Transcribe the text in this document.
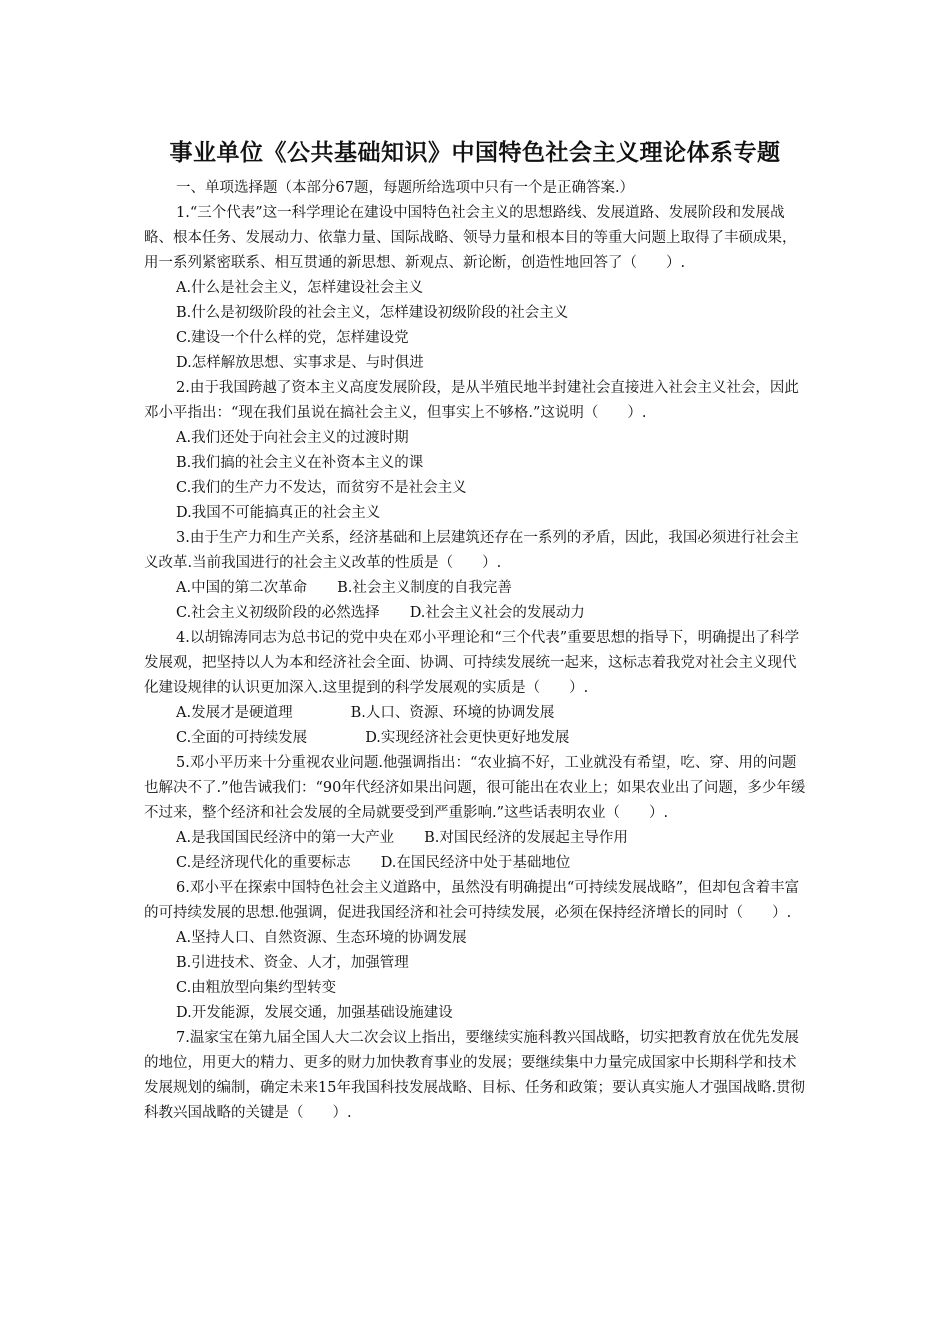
事业单位《公共基础知识》中国特色社会主义理论体系专题

一、单项选择题（本部分67题，每题所给选项中只有一个是正确答案.）

1.“三个代表”这一科学理论在建设中国特色社会主义的思想路线、发展道路、发展阶段和发展战略、根本任务、发展动力、依靠力量、国际战略、领导力量和根本目的等重大问题上取得了丰硕成果，用一系列紧密联系、相互贯通的新思想、新观点、新论断，创造性地回答了（　　）.

A.什么是社会主义，怎样建设社会主义

B.什么是初级阶段的社会主义，怎样建设初级阶段的社会主义

C.建设一个什么样的党，怎样建设党

D.怎样解放思想、实事求是、与时俱进

2.由于我国跨越了资本主义高度发展阶段，是从半殖民地半封建社会直接进入社会主义社会，因此邓小平指出：“现在我们虽说在搞社会主义，但事实上不够格.”这说明（　　）.

A.我们还处于向社会主义的过渡时期

B.我们搞的社会主义在补资本主义的课

C.我们的生产力不发达，而贫穷不是社会主义

D.我国不可能搞真正的社会主义

3.由于生产力和生产关系，经济基础和上层建筑还存在一系列的矛盾，因此，我国必须进行社会主义改革.当前我国进行的社会主义改革的性质是（　　）.

A.中国的第二次革命 B.社会主义制度的自我完善

C.社会主义初级阶段的必然选择 D.社会主义社会的发展动力

4.以胡锦涛同志为总书记的党中央在邓小平理论和“三个代表”重要思想的指导下，明确提出了科学发展观，把坚持以人为本和经济社会全面、协调、可持续发展统一起来，这标志着我党对社会主义现代化建设规律的认识更加深入.这里提到的科学发展观的实质是（　　）.

A.发展才是硬道理	B.人口、资源、环境的协调发展

C.全面的可持续发展	D.实现经济社会更快更好地发展

5.邓小平历来十分重视农业问题.他强调指出：“农业搞不好，工业就没有希望，吃、穿、用的问题也解决不了.”他告诫我们：“90年代经济如果出问题，很可能出在农业上；如果农业出了问题，多少年缓不过来，整个经济和社会发展的全局就要受到严重影响.”这些话表明农业（　　）.

A.是我国国民经济中的第一大产业 B.对国民经济的发展起主导作用

C.是经济现代化的重要标志 D.在国民经济中处于基础地位

6.邓小平在探索中国特色社会主义道路中，虽然没有明确提出“可持续发展战略”，但却包含着丰富的可持续发展的思想.他强调，促进我国经济和社会可持续发展，必须在保持经济增长的同时（　　）.

A.坚持人口、自然资源、生态环境的协调发展

B.引进技术、资金、人才，加强管理

C.由粗放型向集约型转变

D.开发能源，发展交通，加强基础设施建设

7.温家宝在第九届全国人大二次会议上指出，要继续实施科教兴国战略，切实把教育放在优先发展的地位，用更大的精力、更多的财力加快教育事业的发展；要继续集中力量完成国家中长期科学和技术发展规划的编制，确定未来15年我国科技发展战略、目标、任务和政策；要认真实施人才强国战略.贯彻科教兴国战略的关键是（　　）.
